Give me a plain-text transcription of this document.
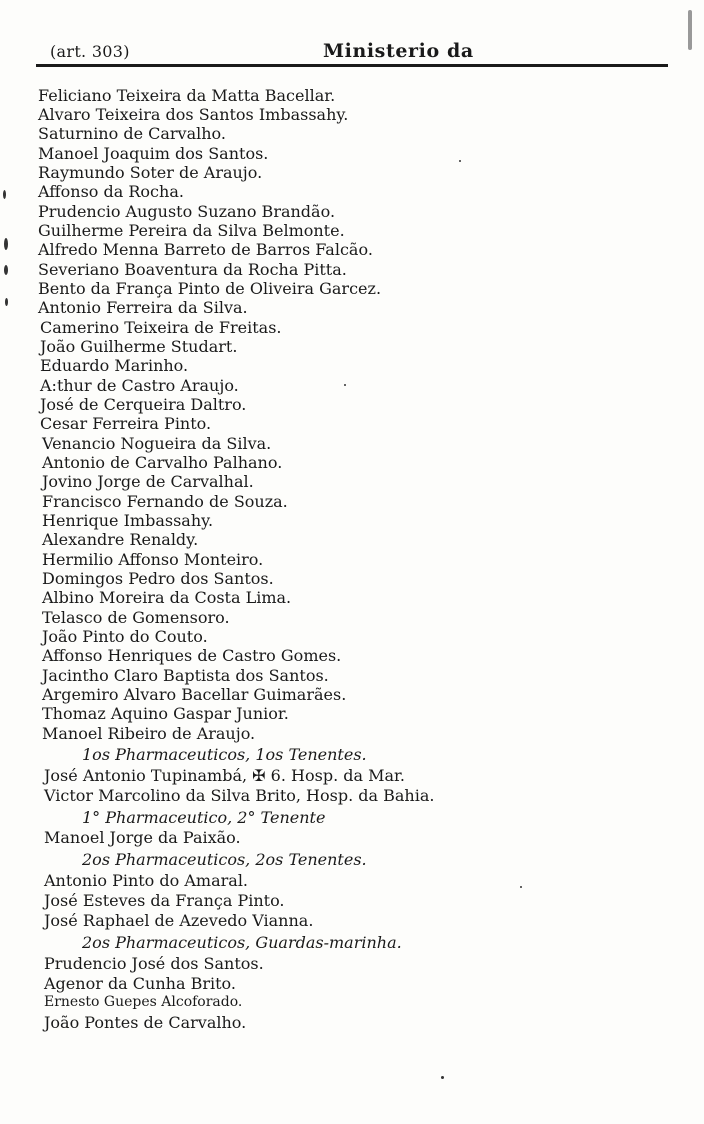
(art. 303)	Ministerio da
Feliciano Teixeira da Matta Bacellar.
Alvaro Teixeira dos Santos Imbassahy.
Saturnino de Carvalho.
Manoel Joaquim dos Santos.
Raymundo Soter de Araujo.
Affonso da Rocha.
Prudencio Augusto Suzano Brandão.
Guilherme Pereira da Silva Belmonte.
Alfredo Menna Barreto de Barros Falcão.
Severiano Boaventura da Rocha Pitta.
Bento da França Pinto de Oliveira Garcez.
Antonio Ferreira da Silva.
Camerino Teixeira de Freitas.
João Guilherme Studart.
Eduardo Marinho.
A:thur de Castro Araujo.
José de Cerqueira Daltro.
Cesar Ferreira Pinto.
Venancio Nogueira da Silva.
Antonio de Carvalho Palhano.
Jovino Jorge de Carvalhal.
Francisco Fernando de Souza.
Henrique Imbassahy.
Alexandre Renaldy.
Hermilio Affonso Monteiro.
Domingos Pedro dos Santos.
Albino Moreira da Costa Lima.
Telasco de Gomensoro.
João Pinto do Couto.
Affonso Henriques de Castro Gomes.
Jacintho Claro Baptista dos Santos.
Argemiro Alvaro Bacellar Guimarães.
Thomaz Aquino Gaspar Junior.
Manoel Ribeiro de Araujo.
1os Pharmaceuticos, 1os Tenentes.
José Antonio Tupinambá, ✠ 6. Hosp. da Mar.
Victor Marcolino da Silva Brito, Hosp. da Bahia.
1° Pharmaceutico, 2° Tenente
Manoel Jorge da Paixão.
2os Pharmaceuticos, 2os Tenentes.
Antonio Pinto do Amaral.
José Esteves da França Pinto.
José Raphael de Azevedo Vianna.
2os Pharmaceuticos, Guardas-marinha.
Prudencio José dos Santos.
Agenor da Cunha Brito.
Ernesto Guepes Alcoforado.
João Pontes de Carvalho.
